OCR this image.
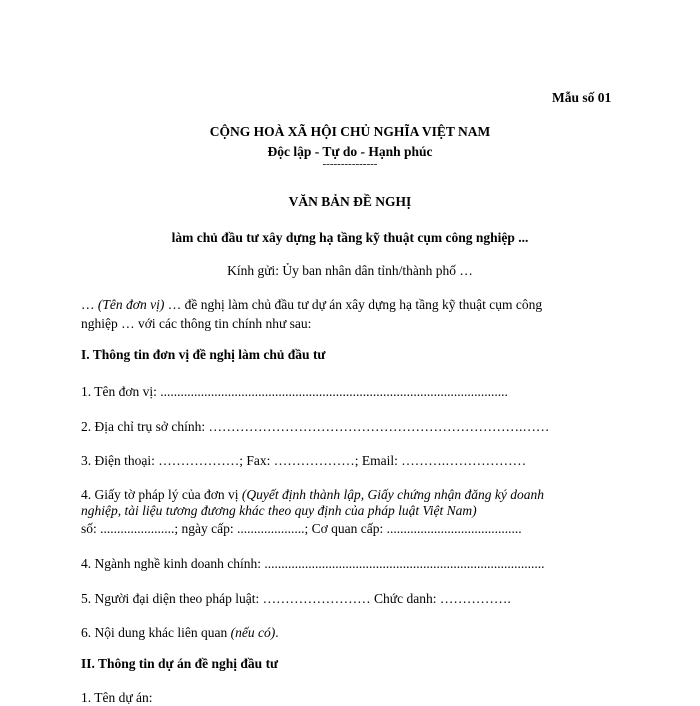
Mẫu số 01
CỘNG HOÀ XÃ HỘI CHỦ NGHĨA VIỆT NAM
Độc lập - Tự do - Hạnh phúc
---------------
VĂN BẢN ĐỀ NGHỊ
làm chủ đầu tư xây dựng hạ tầng kỹ thuật cụm công nghiệp ...
Kính gửi: Ủy ban nhân dân tỉnh/thành phố …
… (Tên đơn vị) … đề nghị làm chủ đầu tư dự án xây dựng hạ tầng kỹ thuật cụm công
nghiệp … với các thông tin chính như sau:
I. Thông tin đơn vị đề nghị làm chủ đầu tư
1. Tên đơn vị: .......................................................................................................
2. Địa chỉ trụ sở chính: …………………………………………………………….……
3. Điện thoại: ………………; Fax: ………………; Email: ……….………………
4. Giấy tờ pháp lý của đơn vị (Quyết định thành lập, Giấy chứng nhận đăng ký doanh
nghiệp, tài liệu tương đương khác theo quy định của pháp luật Việt Nam)
số: ......................; ngày cấp: ....................; Cơ quan cấp: ........................................
4. Ngành nghề kinh doanh chính: ...................................................................................
5. Người đại diện theo pháp luật: …………………… Chức danh: …………….
6. Nội dung khác liên quan (nếu có).
II. Thông tin dự án đề nghị đầu tư
1. Tên dự án:
